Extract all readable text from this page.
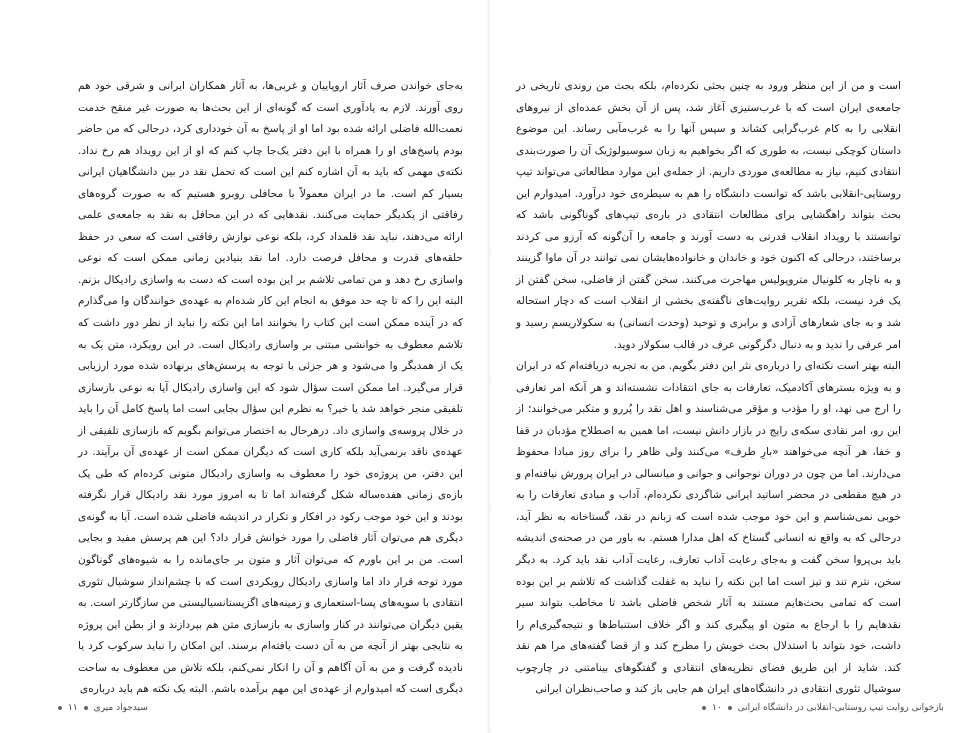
به‌جای خواندن صرف آثار اروپاییان و غربی‌ها، به آثار همکاران ایرانی و شرقی خود هم روی آورند. لازم به یادآوری است که گونه‌ای از این بحث‌ها به صورت غیر منقح خدمت نعمت‌الله فاضلی ارائه شده بود اما او از پاسخ به آن خودداری کرد، درحالی که من حاضر بودم پاسخ‌های او را همراه با این دفتر یک‌جا چاپ کنم که او از این رویداد هم رخ نداد. نکته‌ی مهمی که باید به آن اشاره کنم این است که تحمل نقد در بین دانشگاهیان ایرانی بسیار کم است. ما در ایران معمولاً با محافلی روبرو هستیم که به صورت گروه‌های رفاقتی از یکدیگر حمایت می‌کنند. نقدهایی که در این محافل به نقد به جامعه‌ی علمی ارائه می‌دهند، نباید نقد قلمداد کرد، بلکه نوعی نوازش رفاقتی است که سعی در حفظ حلقه‌های قدرت و محافل فرصت دارد. اما نقد بنیادین زمانی ممکن است که نوعی واسازی رخ دهد و من تمامی تلاشم بر این بوده است که دست به واسازی رادیکال بزنم. البته این را که تا چه حد موفق به انجام این کار شده‌ام به عهده‌ی خوانندگان وا می‌گذارم که در آینده ممکن است این کتاب را بخوانند اما این نکته را نباید از نظر دور داشت که تلاشم معطوف به خوانشی مبتنی بر واسازی رادیکال است. در این رویکرد، متن یک به یک از همدیگر وا می‌شود و هر جزئی با توجه به پرسش‌های برنهاده شده مورد ارزیابی قرار می‌گیرد. اما ممکن است سؤال شود که این واسازی رادیکال آیا به نوعی بازسازی تلفیقی منجر خواهد شد یا خیر؟ به نظرم این سؤال بجایی است اما پاسخ کامل آن را باید در خلال پروسه‌ی واسازی داد. درهرحال به اختصار می‌توانم بگویم که بازسازی تلفیقی از عهده‌ی ناقد برنمی‌آید بلکه کاری است که دیگران ممکن است از عهده‌ی آن برآیند. در این دفتر، من پروژه‌ی خود را معطوف به واسازی رادیکال متونی کرده‌ام که طی یک بازه‌ی زمانی هفده‌ساله شکل گرفته‌اند اما تا به امروز مورد نقد رادیکال قرار نگرفته بودند و این خود موجب رکود در افکار و تکرار در اندیشه فاضلی شده است. آیا به گونه‌ی دیگری هم می‌توان آثار فاضلی را مورد خوانش قرار داد؟ این هم پرسش مفید و بجایی است. من بر این باورم که می‌توان آثار و متون بر جای‌مانده را به شیوه‌های گوناگون مورد توجه قرار داد اما واسازی رادیکال رویکردی است که با چشم‌انداز سوشیال تئوری انتقادی با سویه‌های پسا-استعماری و زمینه‌های اگزیستانسیالیستی من سازگارتر است. به یقین دیگران می‌توانند در کنار واسازی به بازسازی متن هم بپردازند و از بطن این پروژه به نتایجی بهتر از آنچه من به آن دست یافته‌ام برسند. این امکان را نباید سرکوب کرد یا نادیده گرفت و من به آن آگاهم و آن را انکار نمی‌کنم، بلکه تلاش من معطوف به ساحت دیگری است که امیدوارم از عهده‌ی این مهم برآمده باشم. البته یک نکته هم باید درباره‌ی

سیدجواد میری
۱۱

است و من از این منظر ورود به چنین بحثی نکرده‌ام، بلکه بحث من روندی تاریخی در جامعه‌ی ایران است که با غرب‌ستیزی آغاز شد، پس از آن بخش عمده‌ای از نیروهای انقلابی را به کام غرب‌گرایی کشاند و سپس آنها را به غرب‌مآبی رساند. این موضوع داستان کوچکی نیست، به طوری که اگر بخواهیم به زبان سوسیولوژیک آن را صورت‌بندی انتقادی کنیم، نیاز به مطالعه‌ی موردی داریم. از جمله‌ی این موارد مطالعاتی می‌تواند تیپ روستایی-انقلابی باشد که توانست دانشگاه را هم به سیطره‌ی خود درآورد. امیدوارم این بحث بتواند راهگشایی برای مطالعات انتقادی در باره‌ی تیپ‌های گوناگونی باشد که توانستند با رویداد انقلاب قدرتی به دست آورند و جامعه را آن‌گونه که آرزو می کردند برساختند، درحالی که اکنون خود و خاندان و خانواده‌هایشان نمی توانند در آن ماوا گزینند و به ناچار به کلونیال متروپولیس مهاجرت می‌کنند. سخن گفتن از فاضلی، سخن گفتن از یک فرد نیست، بلکه تقریر روایت‌های ناگفته‌ی بخشی از انقلاب است که دچار استحاله شد و به جای شعارهای آزادی و برابری و توحید (وحدت انسانی) به سکولاریسم رسید و امر عرفی را ندید و به دنبال دگرگونی عرف در قالب سکولار دوید.

البته بهتر است نکته‌ای را درباره‌ی نثر این دفتر بگویم. من به تجربه دریافته‌ام که در ایران و به ویژه بسترهای آکادمیک، تعارفات به جای انتقادات نشسته‌اند و هر آنکه امر تعارفی را ارج می نهد، او را مؤدب و مؤقر می‌شناسند و اهل نقد را پُررو و متکبر می‌خوانند؛ از این رو، امر نقادی سکه‌ی رایج در بازار دانش نیست، اما همین به اصطلاح مؤدبان در قفا و خفا، هر آنچه می‌خواهند «بارِ طرف» می‌کنند ولی ظاهر را برای روز مبادا محفوظ می‌دارند. اما من چون در دوران نوجوانی و جوانی و میانسالی در ایران پرورش نیافته‌ام و در هیچ مقطعی در محضر اساتید ایرانی شاگردی نکرده‌ام، آداب و مبادی تعارفات را به خوبی نمی‌شناسم و این خود موجب شده است که زبانم در نقد، گستاخانه به نظر آید، درحالی که به واقع نه انسانی گستاخ که اهل مدارا هستم. به باور من در صحنه‌ی اندیشه باید بی‌پروا سخن گفت و به‌جای رعایت آداب تعارف، رعایت آداب نقد باید کرد. به دیگر سخن، نترم تند و تیز است اما این نکته را نباید به غفلت گذاشت که تلاشم بر این بوده است که تمامی بحث‌هایم مستند به آثار شخص فاضلی باشد تا مخاطب بتواند سیر نقدهایم را با ارجاع به متون او پیگیری کند و اگر خلاف استنباط‌ها و نتیجه‌گیری‌ام را داشت، خود بتواند با استدلال بحث خویش را مطرح کند و از قضا گفته‌های مرا هم نقد کند. شاید از این طریق فضای نظریه‌های انتقادی و گفتگوهای بینامتنی در چارچوب سوشیال تئوری انتقادی در دانشگاه‌های ایران هم جایی باز کند و صاحب‌نظران ایرانی

بازخوانی روایت تیپ روستایی-انقلابی در دانشگاه ایرانی
۱۰
